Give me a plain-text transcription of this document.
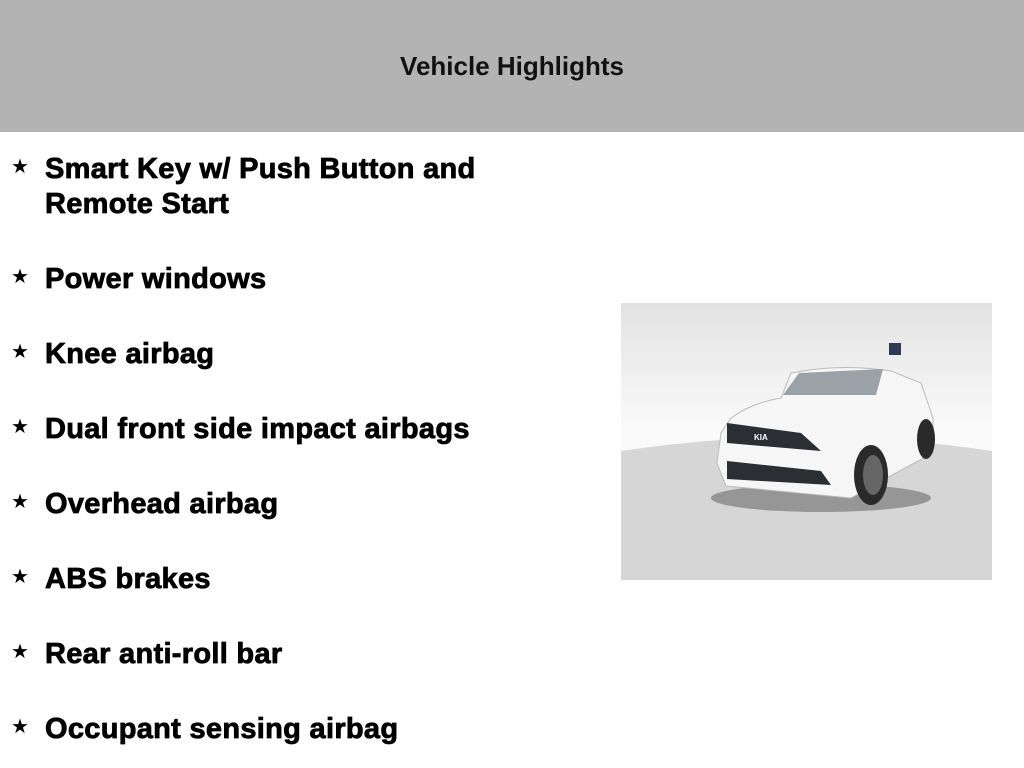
Vehicle Highlights
★ Smart Key w/ Push Button and Remote Start
★ Power windows
★ Knee airbag
★ Dual front side impact airbags
★ Overhead airbag
★ ABS brakes
★ Rear anti-roll bar
★ Occupant sensing airbag
KIA
